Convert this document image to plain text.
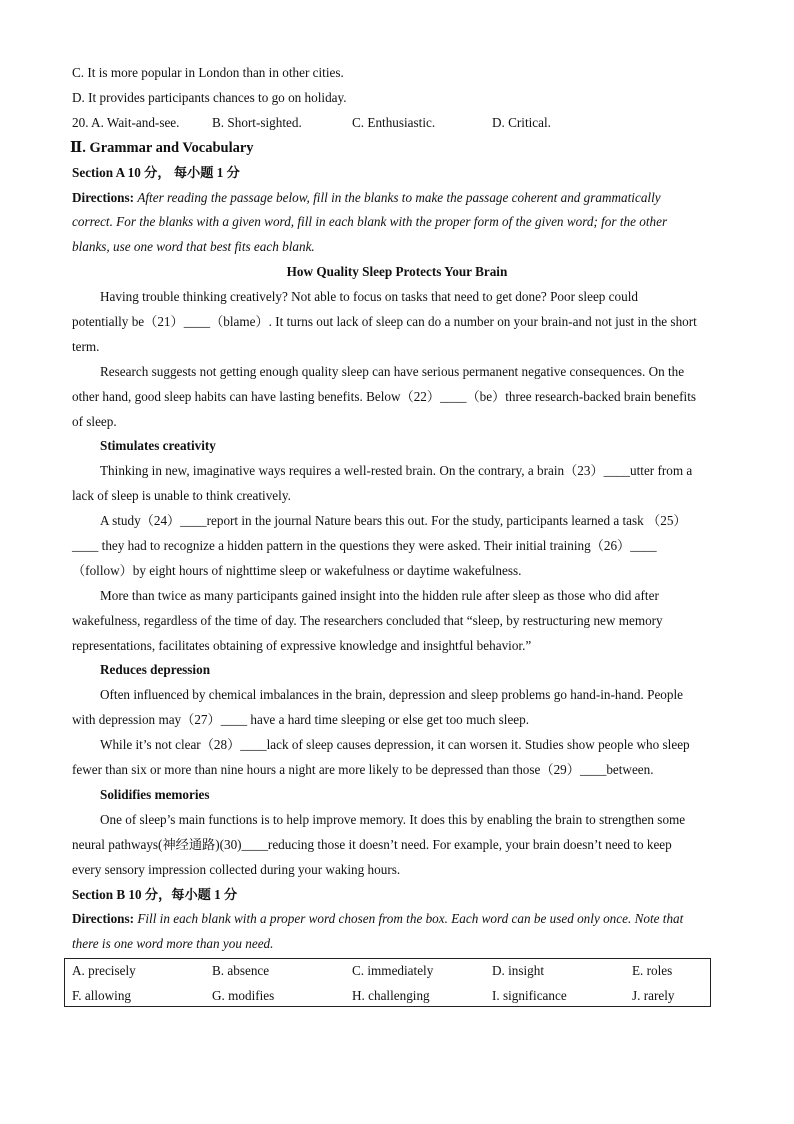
C. It is more popular in London than in other cities.
D. It provides participants chances to go on holiday.
20. A. Wait-and-see. B. Short-sighted.	C. Enthusiastic.	D. Critical.
Ⅱ. Grammar and Vocabulary
Section A 10 分， 每小题 1 分
Directions: After reading the passage below, fill in the blanks to make the passage coherent and grammatically
correct. For the blanks with a given word, fill in each blank with the proper form of the given word; for the other
blanks, use one word that best fits each blank.
How Quality Sleep Protects Your Brain
Having trouble thinking creatively? Not able to focus on tasks that need to get done? Poor sleep could
potentially be（21）____（blame）. It turns out lack of sleep can do a number on your brain-and not just in the short
term.
Research suggests not getting enough quality sleep can have serious permanent negative consequences. On the
other hand, good sleep habits can have lasting benefits. Below（22）____（be）three research-backed brain benefits
of sleep.
Stimulates creativity
Thinking in new, imaginative ways requires a well-rested brain. On the contrary, a brain（23）____utter from a
lack of sleep is unable to think creatively.
A study（24）____report in the journal Nature bears this out. For the study, participants learned a task （25）
____ they had to recognize a hidden pattern in the questions they were asked. Their initial training（26）____
（follow）by eight hours of nighttime sleep or wakefulness or daytime wakefulness.
More than twice as many participants gained insight into the hidden rule after sleep as those who did after
wakefulness, regardless of the time of day. The researchers concluded that “sleep, by restructuring new memory
representations, facilitates obtaining of expressive knowledge and insightful behavior.”
Reduces depression
Often influenced by chemical imbalances in the brain, depression and sleep problems go hand-in-hand. People
with depression may（27）____ have a hard time sleeping or else get too much sleep.
While it’s not clear（28）____lack of sleep causes depression, it can worsen it. Studies show people who sleep
fewer than six or more than nine hours a night are more likely to be depressed than those（29）____between.
Solidifies memories
One of sleep’s main functions is to help improve memory. It does this by enabling the brain to strengthen some
neural pathways(神经通路)(30)____reducing those it doesn’t need. For example, your brain doesn’t need to keep
every sensory impression collected during your waking hours.
Section B 10 分，每小题 1 分
Directions: Fill in each blank with a proper word chosen from the box. Each word can be used only once. Note that
there is one word more than you need.
A. precisely	B. absence	C. immediately	D. insight	E. roles
F. allowing	G. modifies	H. challenging	I. significance	J. rarely
